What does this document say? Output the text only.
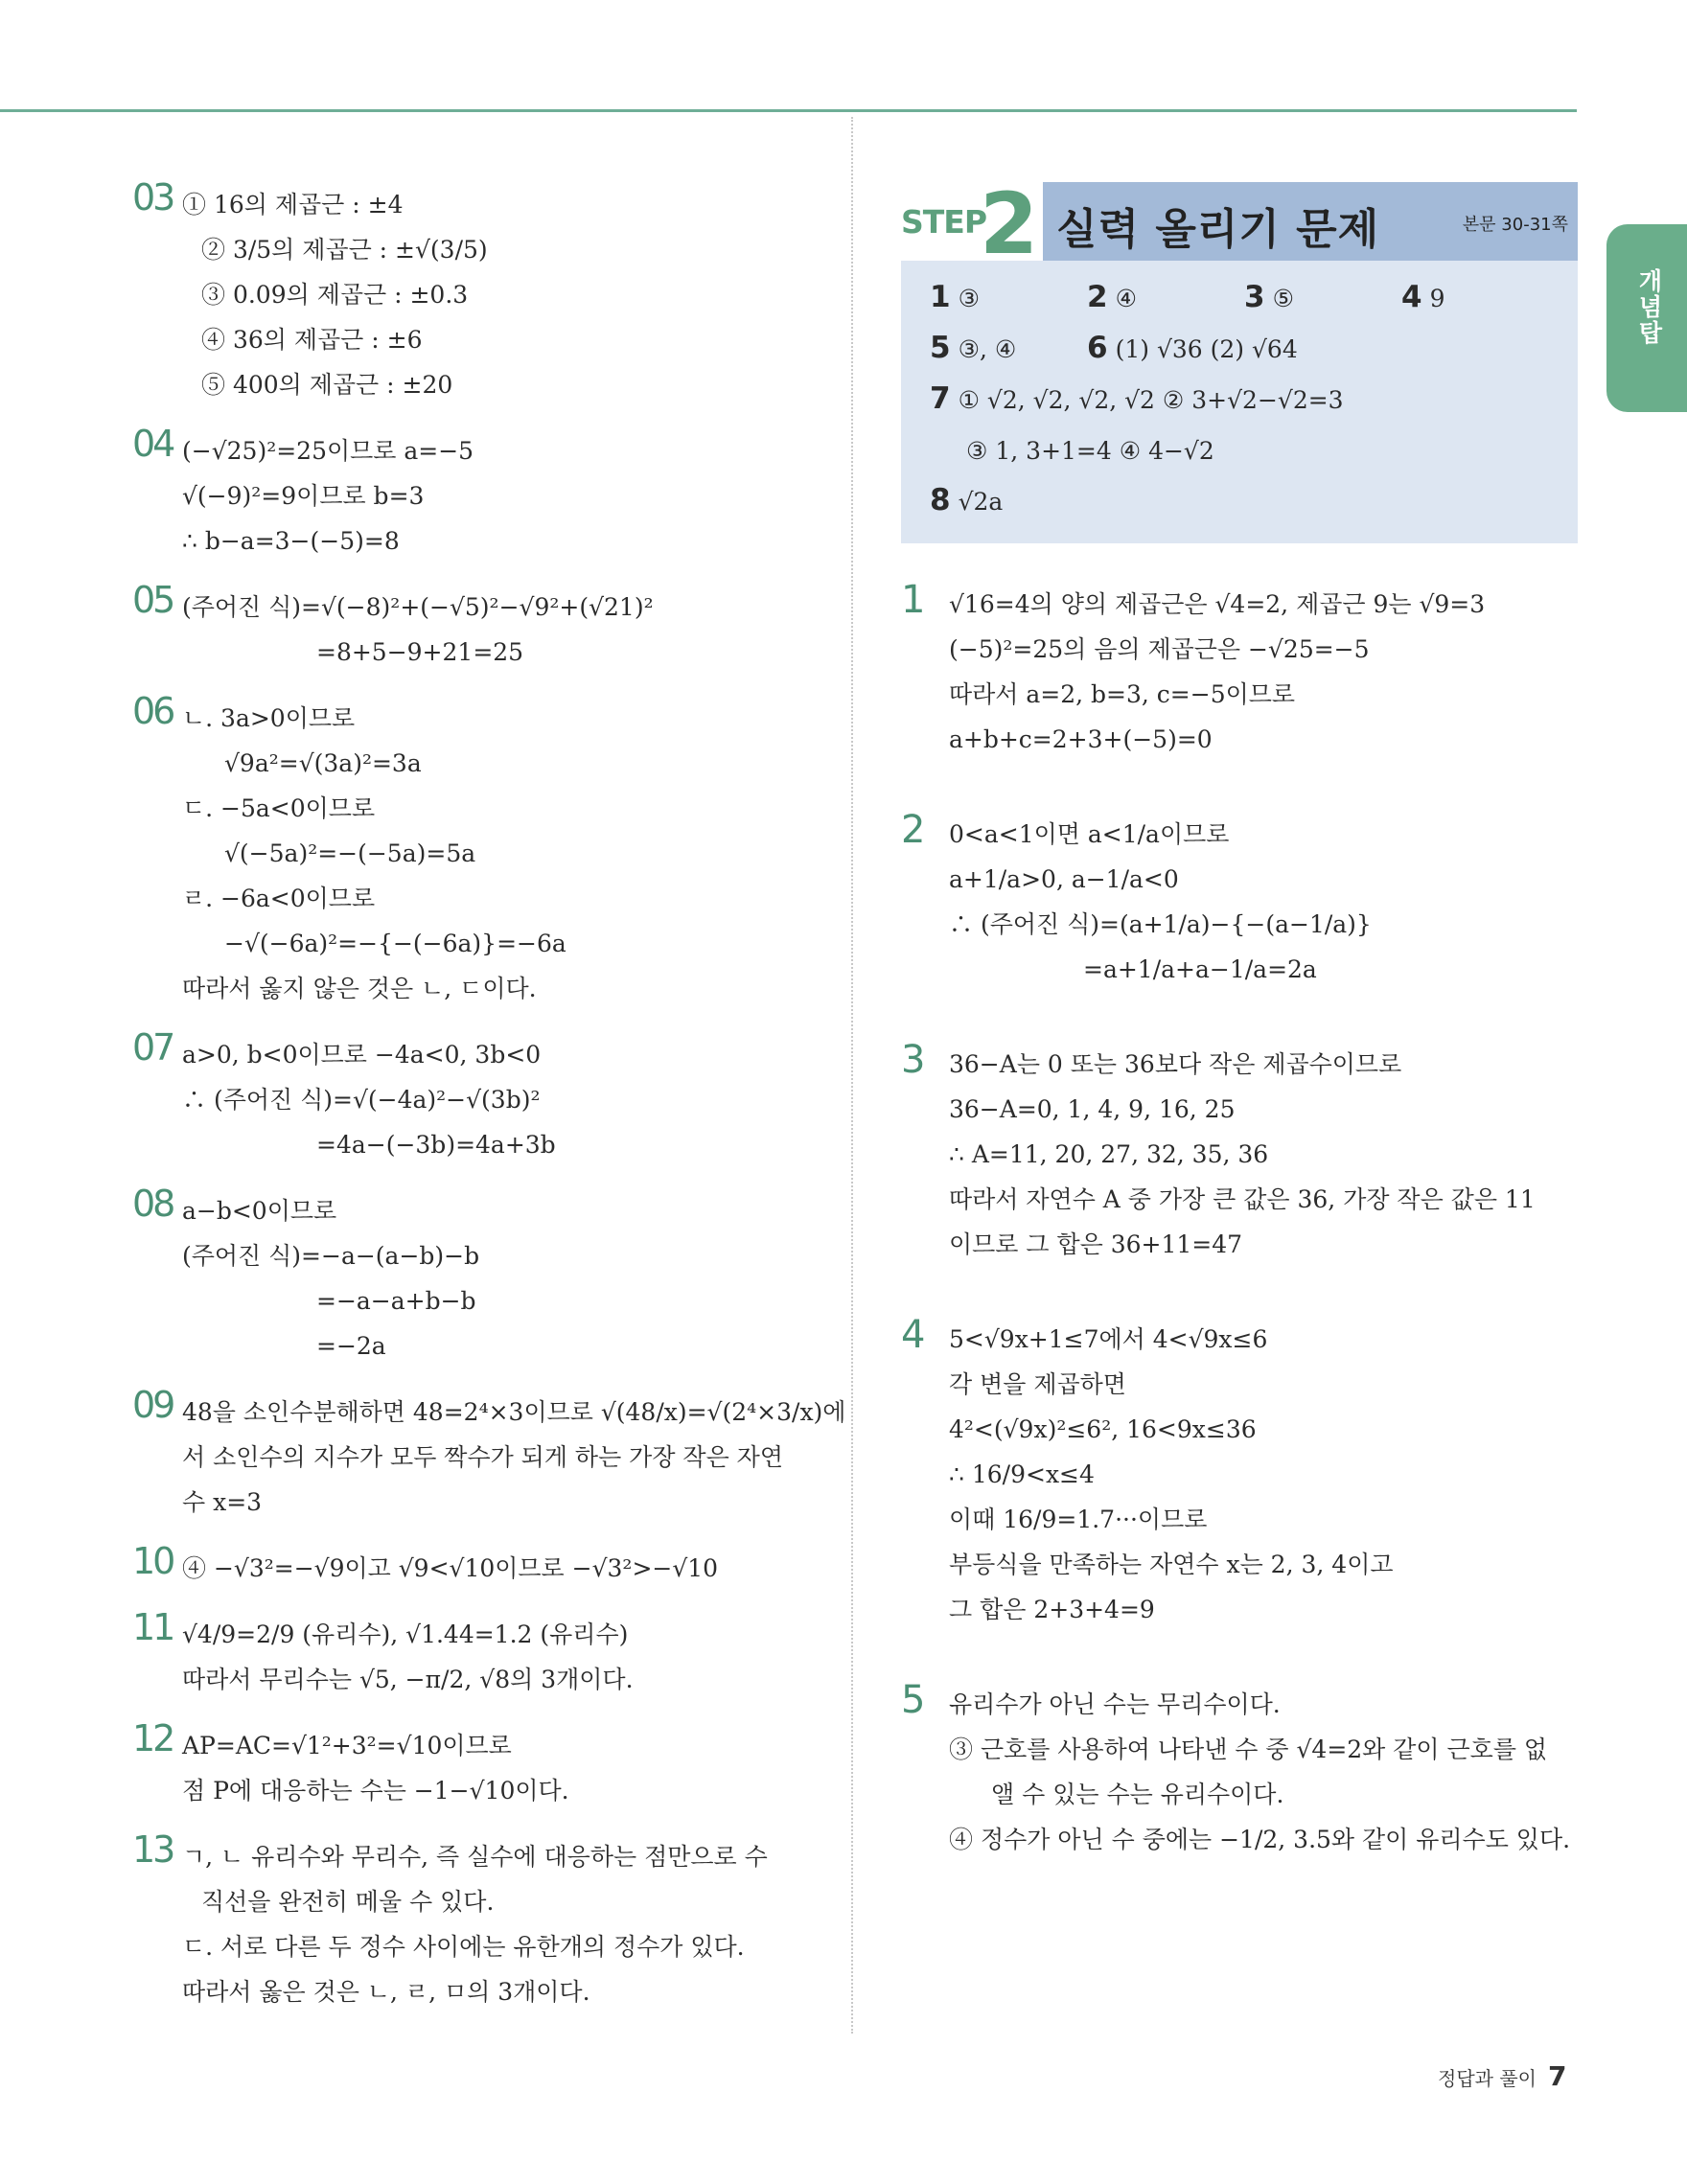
개념탑
03 ① 16의 제곱근 : ±4
② 3/5의 제곱근 : ±√(3/5)
③ 0.09의 제곱근 : ±0.3
④ 36의 제곱근 : ±6
⑤ 400의 제곱근 : ±20
04 (−√25)²=25이므로 a=−5
√(−9)²=9이므로 b=3
∴ b−a=3−(−5)=8
05 (주어진 식)=√(−8)²+(−√5)²−√9²+(√21)²
=8+5−9+21=25
06 ㄴ. 3a>0이므로
√9a²=√(3a)²=3a
ㄷ. −5a<0이므로
√(−5a)²=−(−5a)=5a
ㄹ. −6a<0이므로
−√(−6a)²=−{−(−6a)}=−6a
따라서 옳지 않은 것은 ㄴ, ㄷ이다.
07 a>0, b<0이므로 −4a<0, 3b<0
∴ (주어진 식)=√(−4a)²−√(3b)²
=4a−(−3b)=4a+3b
08 a−b<0이므로
(주어진 식)=−a−(a−b)−b
=−a−a+b−b
=−2a
09 48을 소인수분해하면 48=2⁴×3이므로 √(48/x)=√(2⁴×3/x)에
서 소인수의 지수가 모두 짝수가 되게 하는 가장 작은 자연
수 x=3
10 ④ −√3²=−√9이고 √9<√10이므로 −√3²>−√10
11 √4/9=2/9 (유리수), √1.44=1.2 (유리수)
따라서 무리수는 √5, −π/2, √8의 3개이다.
12 AP=AC=√1²+3²=√10이므로
점 P에 대응하는 수는 −1−√10이다.
13 ㄱ, ㄴ 유리수와 무리수, 즉 실수에 대응하는 점만으로 수
직선을 완전히 메울 수 있다.
ㄷ. 서로 다른 두 정수 사이에는 유한개의 정수가 있다.
따라서 옳은 것은 ㄴ, ㄹ, ㅁ의 3개이다.
STEP
2 실력 올리기 문제	본문 30-31쪽
1 ③	2 ④	3 ⑤	4 9
5 ③, ④ 6 (1) √36 (2) √64
7 ① √2, √2, √2, √2 ② 3+√2−√2=3
③ 1, 3+1=4 ④ 4−√2
8 √2a
1 √16=4의 양의 제곱근은 √4=2, 제곱근 9는 √9=3
(−5)²=25의 음의 제곱근은 −√25=−5
따라서 a=2, b=3, c=−5이므로
a+b+c=2+3+(−5)=0
2 0<a<1이면 a<1/a이므로
a+1/a>0, a−1/a<0
∴ (주어진 식)=(a+1/a)−{−(a−1/a)}
=a+1/a+a−1/a=2a
3 36−A는 0 또는 36보다 작은 제곱수이므로
36−A=0, 1, 4, 9, 16, 25
∴ A=11, 20, 27, 32, 35, 36
따라서 자연수 A 중 가장 큰 값은 36, 가장 작은 값은 11
이므로 그 합은 36+11=47
4 5<√9x+1≤7에서 4<√9x≤6
각 변을 제곱하면
4²<(√9x)²≤6², 16<9x≤36
∴ 16/9<x≤4
이때 16/9=1.7···이므로
부등식을 만족하는 자연수 x는 2, 3, 4이고
그 합은 2+3+4=9
5 유리수가 아닌 수는 무리수이다.
③ 근호를 사용하여 나타낸 수 중 √4=2와 같이 근호를 없
앨 수 있는 수는 유리수이다.
④ 정수가 아닌 수 중에는 −1/2, 3.5와 같이 유리수도 있다.
정답과 풀이 7
